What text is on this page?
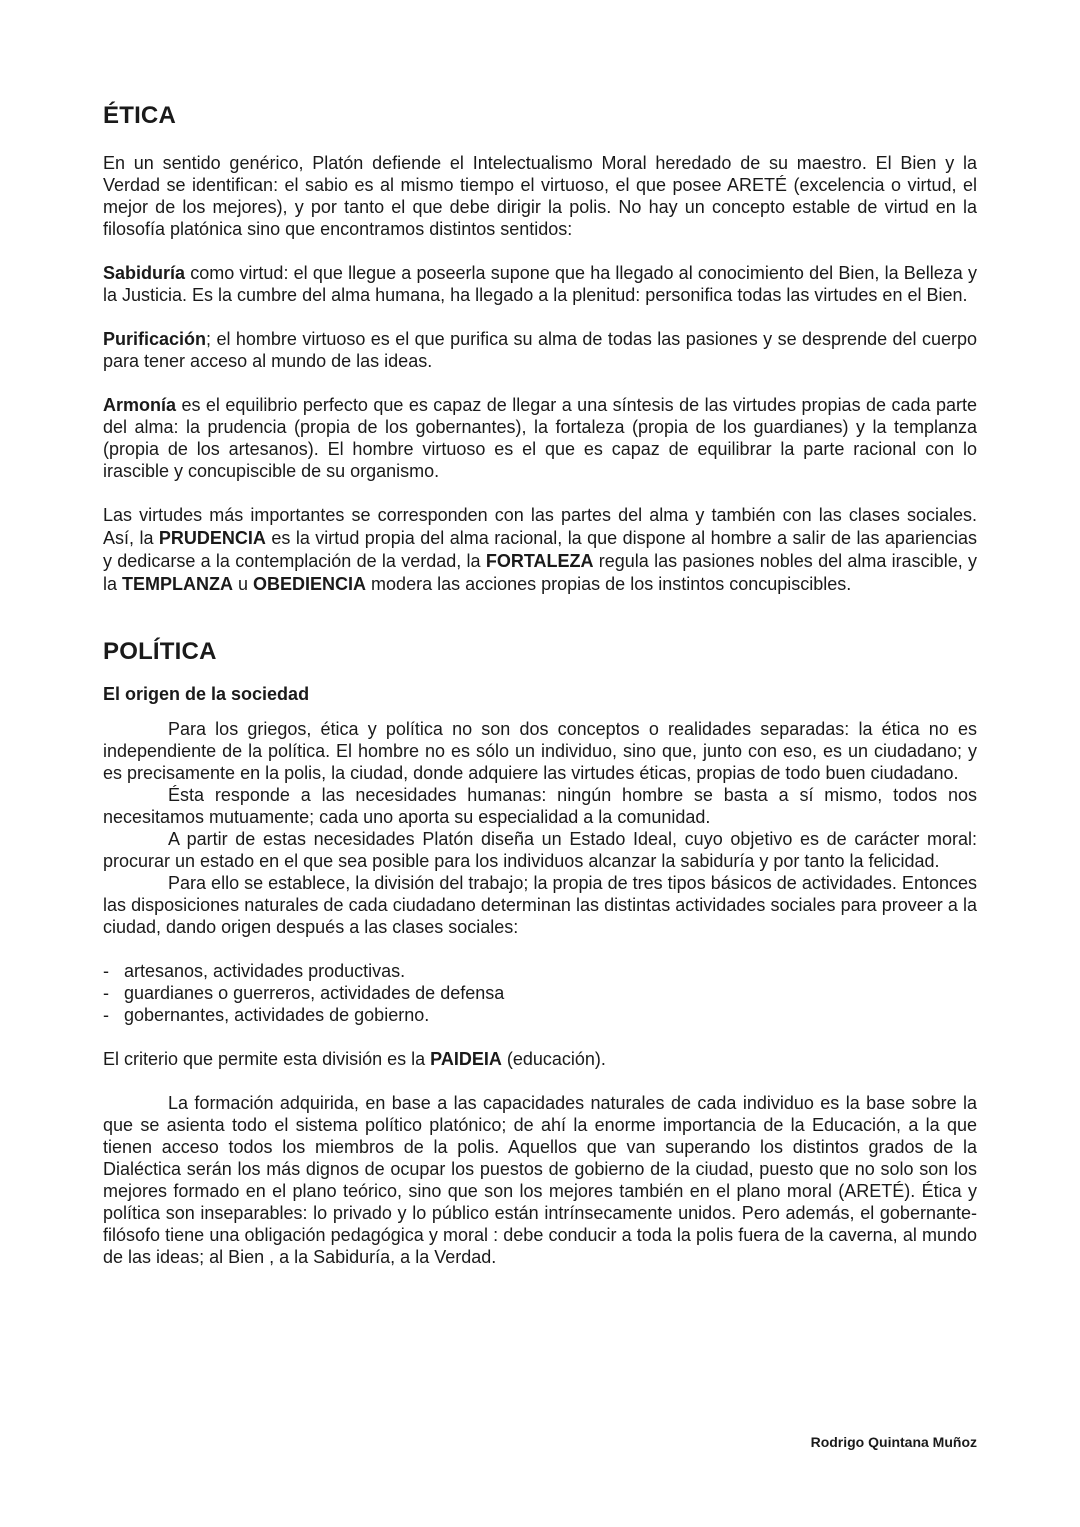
ÉTICA

En un sentido genérico, Platón defiende el Intelectualismo Moral heredado de su maestro. El Bien y la Verdad se identifican: el sabio es al mismo tiempo el virtuoso, el que posee ARETÉ (excelencia o virtud, el mejor de los mejores), y por tanto el que debe dirigir la polis. No hay un concepto estable de virtud en la filosofía platónica sino que encontramos distintos sentidos:

Sabiduría como virtud: el que llegue a poseerla supone que ha llegado al conocimiento del Bien, la Belleza y la Justicia. Es la cumbre del alma humana, ha llegado a la plenitud: personifica todas las virtudes en el Bien.

Purificación; el hombre virtuoso es el que purifica su alma de todas las pasiones y se desprende del cuerpo para tener acceso al mundo de las ideas.

Armonía es el equilibrio perfecto que es capaz de llegar a una síntesis de las virtudes propias de cada parte del alma: la prudencia (propia de los gobernantes), la fortaleza (propia de los guardianes) y la templanza (propia de los artesanos). El hombre virtuoso es el que es capaz de equilibrar la parte racional con lo irascible y concupiscible de su organismo.

Las virtudes más importantes se corresponden con las partes del alma y también con las clases sociales. Así, la PRUDENCIA es la virtud propia del alma racional, la que dispone al hombre a salir de las apariencias y dedicarse a la contemplación de la verdad, la FORTALEZA regula las pasiones nobles del alma irascible, y la TEMPLANZA u OBEDIENCIA modera las acciones propias de los instintos concupiscibles.

POLÍTICA
El origen de la sociedad

Para los griegos, ética y política no son dos conceptos o realidades separadas: la ética no es independiente de la política. El hombre no es sólo un individuo, sino que, junto con eso, es un ciudadano; y es precisamente en la polis, la ciudad, donde adquiere las virtudes éticas, propias de todo buen ciudadano.

Ésta responde a las necesidades humanas: ningún hombre se basta a sí mismo, todos nos necesitamos mutuamente; cada uno aporta su especialidad a la comunidad.

A partir de estas necesidades Platón diseña un Estado Ideal, cuyo objetivo es de carácter moral: procurar un estado en el que sea posible para los individuos alcanzar la sabiduría y por tanto la felicidad.

Para ello se establece, la división del trabajo; la propia de tres tipos básicos de actividades. Entonces las disposiciones naturales de cada ciudadano determinan las distintas actividades sociales para proveer a la ciudad, dando origen después a las clases sociales:

- artesanos, actividades productivas.
- guardianes o guerreros, actividades de defensa
- gobernantes, actividades de gobierno.

El criterio que permite esta división es la PAIDEIA (educación).

La formación adquirida, en base a las capacidades naturales de cada individuo es la base sobre la que se asienta todo el sistema político platónico; de ahí la enorme importancia de la Educación, a la que tienen acceso todos los miembros de la polis. Aquellos que van superando los distintos grados de la Dialéctica serán los más dignos de ocupar los puestos de gobierno de la ciudad, puesto que no solo son los mejores formado en el plano teórico, sino que son los mejores también en el plano moral (ARETÉ). Ética y política son inseparables: lo privado y lo público están intrínsecamente unidos. Pero además, el gobernante-filósofo tiene una obligación pedagógica y moral : debe conducir a toda la polis fuera de la caverna, al mundo de las ideas; al Bien , a la Sabiduría, a la Verdad.

Rodrigo Quintana Muñoz
